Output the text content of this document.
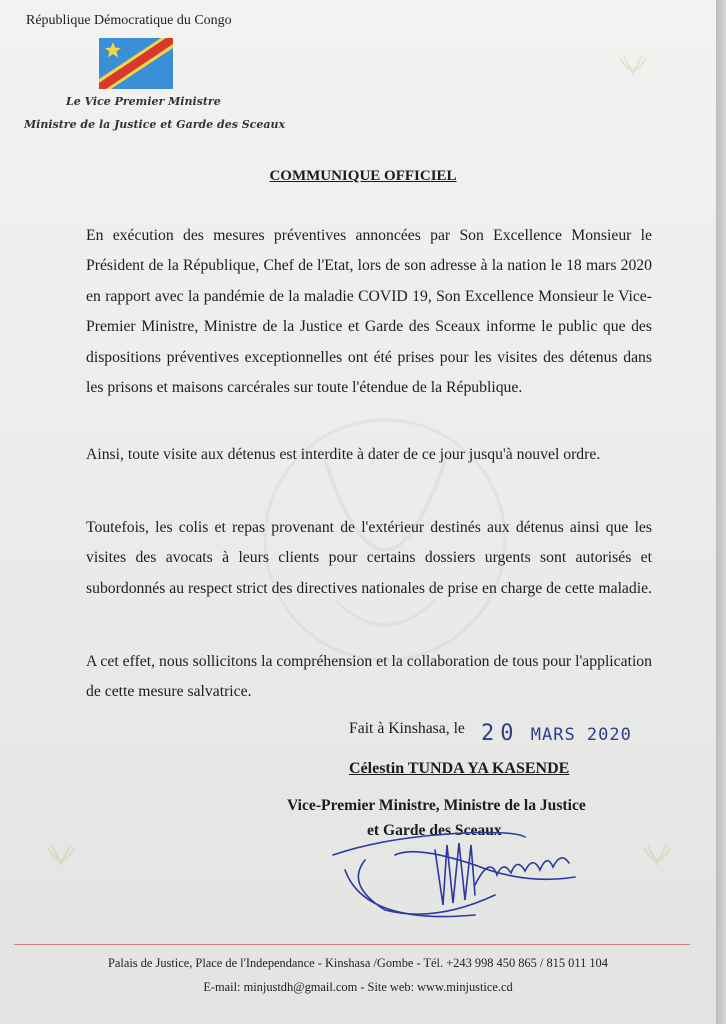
République Démocratique du Congo
Le Vice Premier Ministre
Ministre de la Justice et Garde des Sceaux
COMMUNIQUE OFFICIEL
En exécution des mesures préventives annoncées par Son Excellence Monsieur le Président de la République, Chef de l'Etat, lors de son adresse à la nation le 18 mars 2020 en rapport avec la pandémie de la maladie COVID 19, Son Excellence Monsieur le Vice-Premier Ministre, Ministre de la Justice et Garde des Sceaux informe le public que des dispositions préventives exceptionnelles ont été prises pour les visites des détenus dans les prisons et maisons carcérales sur toute l'étendue de la République.
Ainsi, toute visite aux détenus est interdite à dater de ce jour jusqu'à nouvel ordre.
Toutefois, les colis et repas provenant de l'extérieur destinés aux détenus ainsi que les visites des avocats à leurs clients pour certains dossiers urgents sont autorisés et subordonnés au respect strict des directives nationales de prise en charge de cette maladie.
A cet effet, nous sollicitons la compréhension et la collaboration de tous pour l'application de cette mesure salvatrice.
Fait à Kinshasa, le 20 MARS 2020
Célestin TUNDA YA KASENDE
Vice-Premier Ministre, Ministre de la Justice
et Garde des Sceaux
Palais de Justice, Place de l'Independance - Kinshasa /Gombe - Tél. +243 998 450 865 / 815 011 104
E-mail: minjustdh@gmail.com - Site web: www.minjustice.cd
